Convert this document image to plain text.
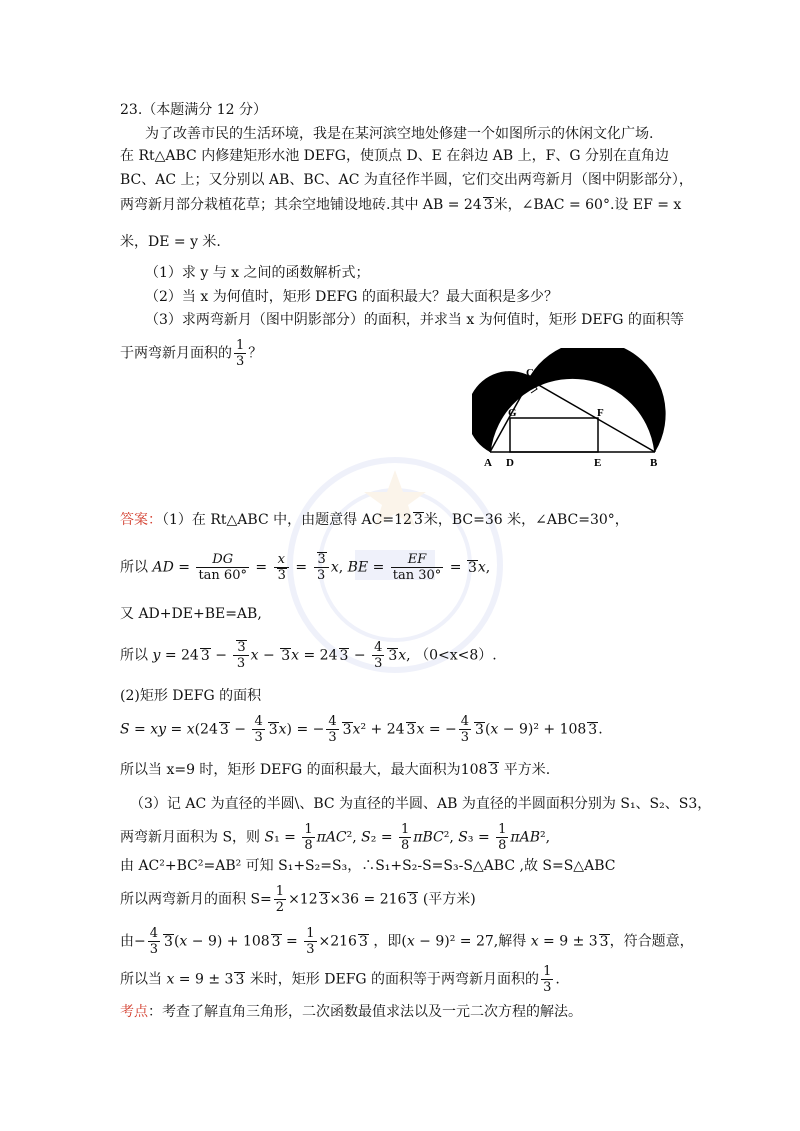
23.（本题满分 12 分）
为了改善市民的生活环境，我是在某河滨空地处修建一个如图所示的休闲文化广场.
在 Rt△ABC 内修建矩形水池 DEFG，使顶点 D、E 在斜边 AB 上，F、G 分别在直角边
BC、AC 上；又分别以 AB、BC、AC 为直径作半圆，它们交出两弯新月（图中阴影部分），
两弯新月部分栽植花草；其余空地铺设地砖.其中 AB = 24 3米，∠BAC = 60°.设 EF = x
米，DE = y 米.
（1）求 y 与 x 之间的函数解析式；
（2）当 x 为何值时，矩形 DEFG 的面积最大？最大面积是多少？
（3）求两弯新月（图中阴影部分）的面积，并求当 x 为何值时，矩形 DEFG 的面积等
于两弯新月面积的 $\frac{1}{3}$ ？
A D	E	B
C
G	F
答案：（1）在 Rt△ABC 中，由题意得 AC=12 3米，BC=36 米，∠ABC=30°，
所以 AD = $\frac{DG}{\tan 60^\circ} = \frac{x}{3} = \frac{3}{3} x$, BE = $\frac{EF}{\tan 30^\circ} = 3x$,
又 AD+DE+BE=AB,
所以 y = 24 $3 - \frac{3}{3}$ x − 3x = 24 $3 - \frac{4}{3} 3x$, （0<x<8）.
(2)矩形 DEFG 的面积
S = xy = x(24 $3 - \frac{4}{3} 3x$) = − $\frac{4}{3} 3x^2 + 24$ 3x = − $\frac{4}{3} 3(x - 9)^2 + 108$ 3.
所以当 x=9 时，矩形 DEFG 的面积最大，最大面积为108 3 平方米.
（3）记 AC 为直径的半圆\、BC 为直径的半圆、AB 为直径的半圆面积分别为 S₁、S₂、S3，
两弯新月面积为 S，则 $S_1 = \frac{1}{8} \pi AC^2$, $S_2 = \frac{1}{8} \pi BC^2$, $S_3 = \frac{1}{8} \pi AB^2$,
由 AC²+BC²=AB² 可知 S₁+S₂=S₃，∴S₁+S₂-S=S₃-S△ABC ,故 S=S△ABC
所以两弯新月的面积 $S= \frac{1}{2} \times 12$ 3×36 = 216 3 (平方米)
由− $\frac{4}{3} 3(x - 9) + 108$ $3 = \frac{1}{3} \times 216$ 3 ，即(x − 9)² = 27,解得 x = 9 ± 3 3，符合题意，
所以当 x = 9 ± 3 3 米时，矩形 DEFG 的面积等于两弯新月面积的 $\frac{1}{3}$ .
考点：考查了解直角三角形，二次函数最值求法以及一元二次方程的解法。
